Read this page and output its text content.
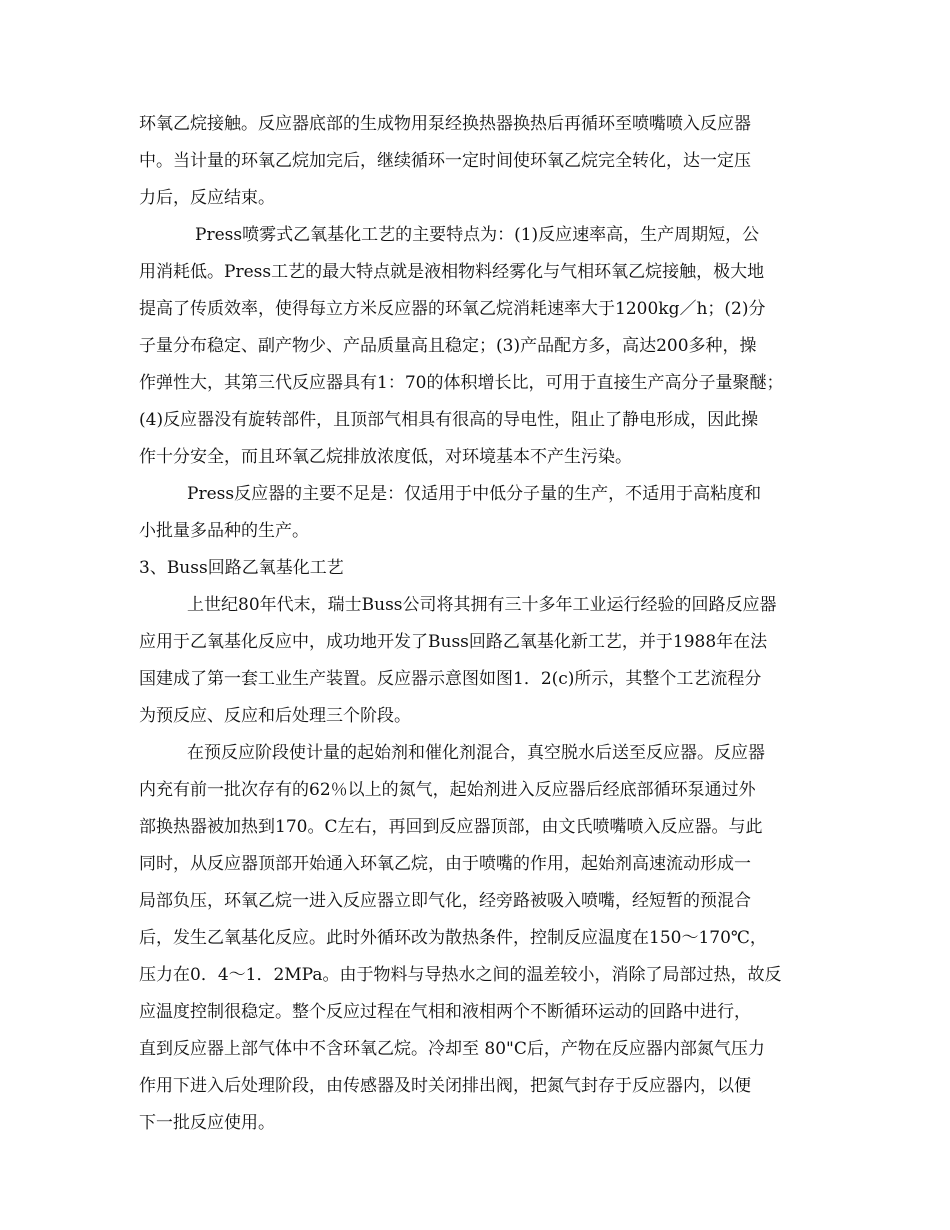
环氧乙烷接触。反应器底部的生成物用泵经换热器换热后再循环至喷嘴喷入反应器
中。当计量的环氧乙烷加完后，继续循环一定时间使环氧乙烷完全转化，达一定压
力后，反应结束。
Press喷雾式乙氧基化工艺的主要特点为：(1)反应速率高，生产周期短，公
用消耗低。Press工艺的最大特点就是液相物料经雾化与气相环氧乙烷接触，极大地
提高了传质效率，使得每立方米反应器的环氧乙烷消耗速率大于1200kg／h；(2)分
子量分布稳定、副产物少、产品质量高且稳定；(3)产品配方多，高达200多种，操
作弹性大，其第三代反应器具有1：70的体积增长比，可用于直接生产高分子量聚醚；
(4)反应器没有旋转部件，且顶部气相具有很高的导电性，阻止了静电形成，因此操
作十分安全，而且环氧乙烷排放浓度低，对环境基本不产生污染。
Press反应器的主要不足是：仅适用于中低分子量的生产，不适用于高粘度和
小批量多品种的生产。
3、Buss回路乙氧基化工艺
上世纪80年代末，瑞士Buss公司将其拥有三十多年工业运行经验的回路反应器
应用于乙氧基化反应中，成功地开发了Buss回路乙氧基化新工艺，并于1988年在法
国建成了第一套工业生产装置。反应器示意图如图1．2(c)所示，其整个工艺流程分
为预反应、反应和后处理三个阶段。
在预反应阶段使计量的起始剂和催化剂混合，真空脱水后送至反应器。反应器
内充有前一批次存有的62％以上的氮气，起始剂进入反应器后经底部循环泵通过外
部换热器被加热到170。C左右，再回到反应器顶部，由文氏喷嘴喷入反应器。与此
同时，从反应器顶部开始通入环氧乙烷，由于喷嘴的作用，起始剂高速流动形成一
局部负压，环氧乙烷一进入反应器立即气化，经旁路被吸入喷嘴，经短暂的预混合
后，发生乙氧基化反应。此时外循环改为散热条件，控制反应温度在150～170℃，
压力在0．4～1．2MPa。由于物料与导热水之间的温差较小，消除了局部过热，故反
应温度控制很稳定。整个反应过程在气相和液相两个不断循环运动的回路中进行，
直到反应器上部气体中不含环氧乙烷。冷却至 80"C后，产物在反应器内部氮气压力
作用下进入后处理阶段，由传感器及时关闭排出阀，把氮气封存于反应器内，以便
下一批反应使用。
